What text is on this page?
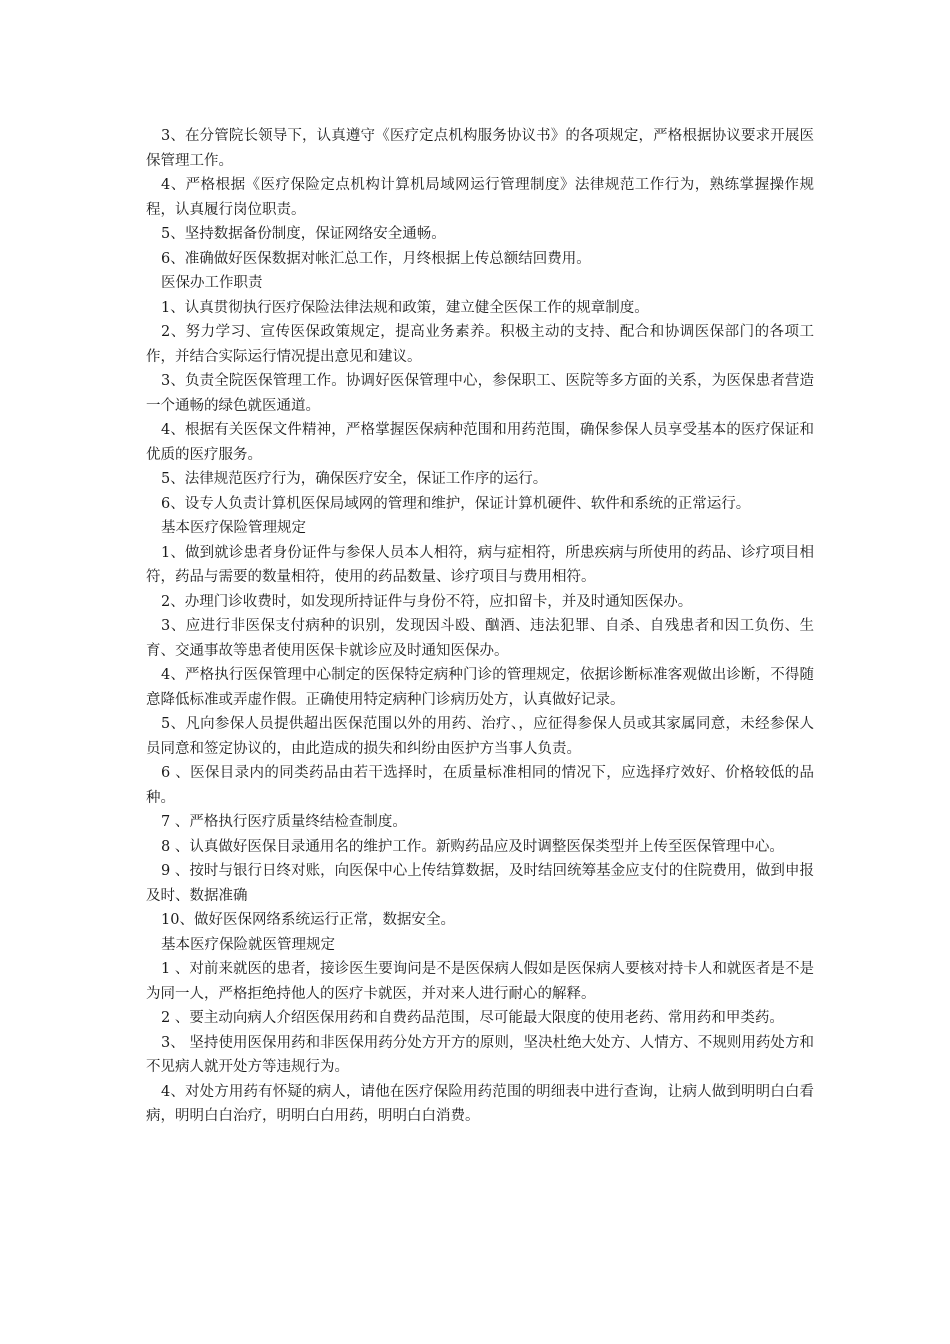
3、在分管院长领导下，认真遵守《医疗定点机构服务协议书》的各项规定，严格根据协议要求开展医保管理工作。

4、严格根据《医疗保险定点机构计算机局域网运行管理制度》法律规范工作行为，熟练掌握操作规程，认真履行岗位职责。

5、坚持数据备份制度，保证网络安全通畅。

6、准确做好医保数据对帐汇总工作，月终根据上传总额结回费用。

医保办工作职责

1、认真贯彻执行医疗保险法律法规和政策，建立健全医保工作的规章制度。

2、努力学习、宣传医保政策规定，提高业务素养。积极主动的支持、配合和协调医保部门的各项工作，并结合实际运行情况提出意见和建议。

3、负责全院医保管理工作。协调好医保管理中心，参保职工、医院等多方面的关系，为医保患者营造一个通畅的绿色就医通道。

4、根据有关医保文件精神，严格掌握医保病种范围和用药范围，确保参保人员享受基本的医疗保证和优质的医疗服务。

5、法律规范医疗行为，确保医疗安全，保证工作序的运行。

6、设专人负责计算机医保局域网的管理和维护，保证计算机硬件、软件和系统的正常运行。

基本医疗保险管理规定

1、做到就诊患者身份证件与参保人员本人相符，病与症相符，所患疾病与所使用的药品、诊疗项目相符，药品与需要的数量相符，使用的药品数量、诊疗项目与费用相符。

2、办理门诊收费时，如发现所持证件与身份不符，应扣留卡，并及时通知医保办。

3、应进行非医保支付病种的识别，发现因斗殴、酗酒、违法犯罪、自杀、自残患者和因工负伤、生育、交通事故等患者使用医保卡就诊应及时通知医保办。

4、严格执行医保管理中心制定的医保特定病种门诊的管理规定，依据诊断标准客观做出诊断，不得随意降低标准或弄虚作假。正确使用特定病种门诊病历处方，认真做好记录。

5、凡向参保人员提供超出医保范围以外的用药、治疗、，应征得参保人员或其家属同意，未经参保人员同意和签定协议的，由此造成的损失和纠纷由医护方当事人负责。

6 、医保目录内的同类药品由若干选择时，在质量标准相同的情况下，应选择疗效好、价格较低的品种。

7 、严格执行医疗质量终结检查制度。

8 、认真做好医保目录通用名的维护工作。新购药品应及时调整医保类型并上传至医保管理中心。

9 、按时与银行日终对账，向医保中心上传结算数据，及时结回统筹基金应支付的住院费用，做到申报及时、数据准确

10、做好医保网络系统运行正常，数据安全。

基本医疗保险就医管理规定

1 、对前来就医的患者，接诊医生要询问是不是医保病人假如是医保病人要核对持卡人和就医者是不是为同一人，严格拒绝持他人的医疗卡就医，并对来人进行耐心的解释。

2 、要主动向病人介绍医保用药和自费药品范围，尽可能最大限度的使用老药、常用药和甲类药。

3、 坚持使用医保用药和非医保用药分处方开方的原则，坚决杜绝大处方、人情方、不规则用药处方和不见病人就开处方等违规行为。

4、对处方用药有怀疑的病人，请他在医疗保险用药范围的明细表中进行查询，让病人做到明明白白看病，明明白白治疗，明明白白用药，明明白白消费。
